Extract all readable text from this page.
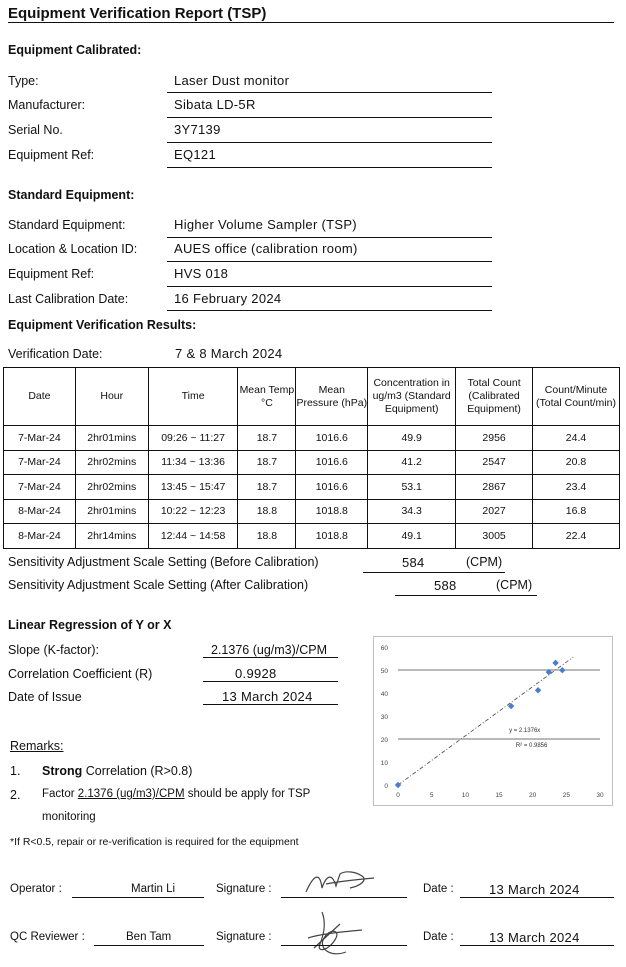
Equipment Verification Report (TSP)
Equipment Calibrated:
Type:	Laser Dust monitor
Manufacturer:	Sibata LD-5R
Serial No.	3Y7139
Equipment Ref:	EQ121
Standard Equipment:
Standard Equipment:	Higher Volume Sampler (TSP)
Location & Location ID:	AUES office (calibration room)
Equipment Ref:	HVS 018
Last Calibration Date:	16 February 2024
Equipment Verification Results:
Verification Date:	7 & 8 March 2024
Date	Hour	Time	Mean Temp °C	Mean Pressure (hPa)	Concentration in ug/m3 (Standard Equipment)	Total Count (Calibrated Equipment)	Count/Minute (Total Count/min)
7-Mar-24	2hr01mins	09:26 ~ 11:27	18.7	1016.6	49.9	2956	24.4
7-Mar-24	2hr02mins	11:34 ~ 13:36	18.7	1016.6	41.2	2547	20.8
7-Mar-24	2hr02mins	13:45 ~ 15:47	18.7	1016.6	53.1	2867	23.4
8-Mar-24	2hr01mins	10:22 ~ 12:23	18.8	1018.8	34.3	2027	16.8
8-Mar-24	2hr14mins	12:44 ~ 14:58	18.8	1018.8	49.1	3005	22.4
Sensitivity Adjustment Scale Setting (Before Calibration)	584	(CPM)
Sensitivity Adjustment Scale Setting (After Calibration)	588	(CPM)
Linear Regression of Y or X
Slope (K-factor):	2.1376 (ug/m3)/CPM
Correlation Coefficient (R)	0.9928
Date of Issue	13 March 2024
0
10
20
30
40
50
60
0	5	10	15	20	25	30
y = 2.1376x
R² = 0.9856
Remarks:
1. Strong Correlation (R>0.8)
2. Factor 2.1376 (ug/m3)/CPM should be apply for TSP
monitoring
*If R<0.5, repair or re-verification is required for the equipment
Operator :	Martin Li	Signature :	Date :	13 March 2024
QC Reviewer :	Ben Tam	Signature :	Date :	13 March 2024
